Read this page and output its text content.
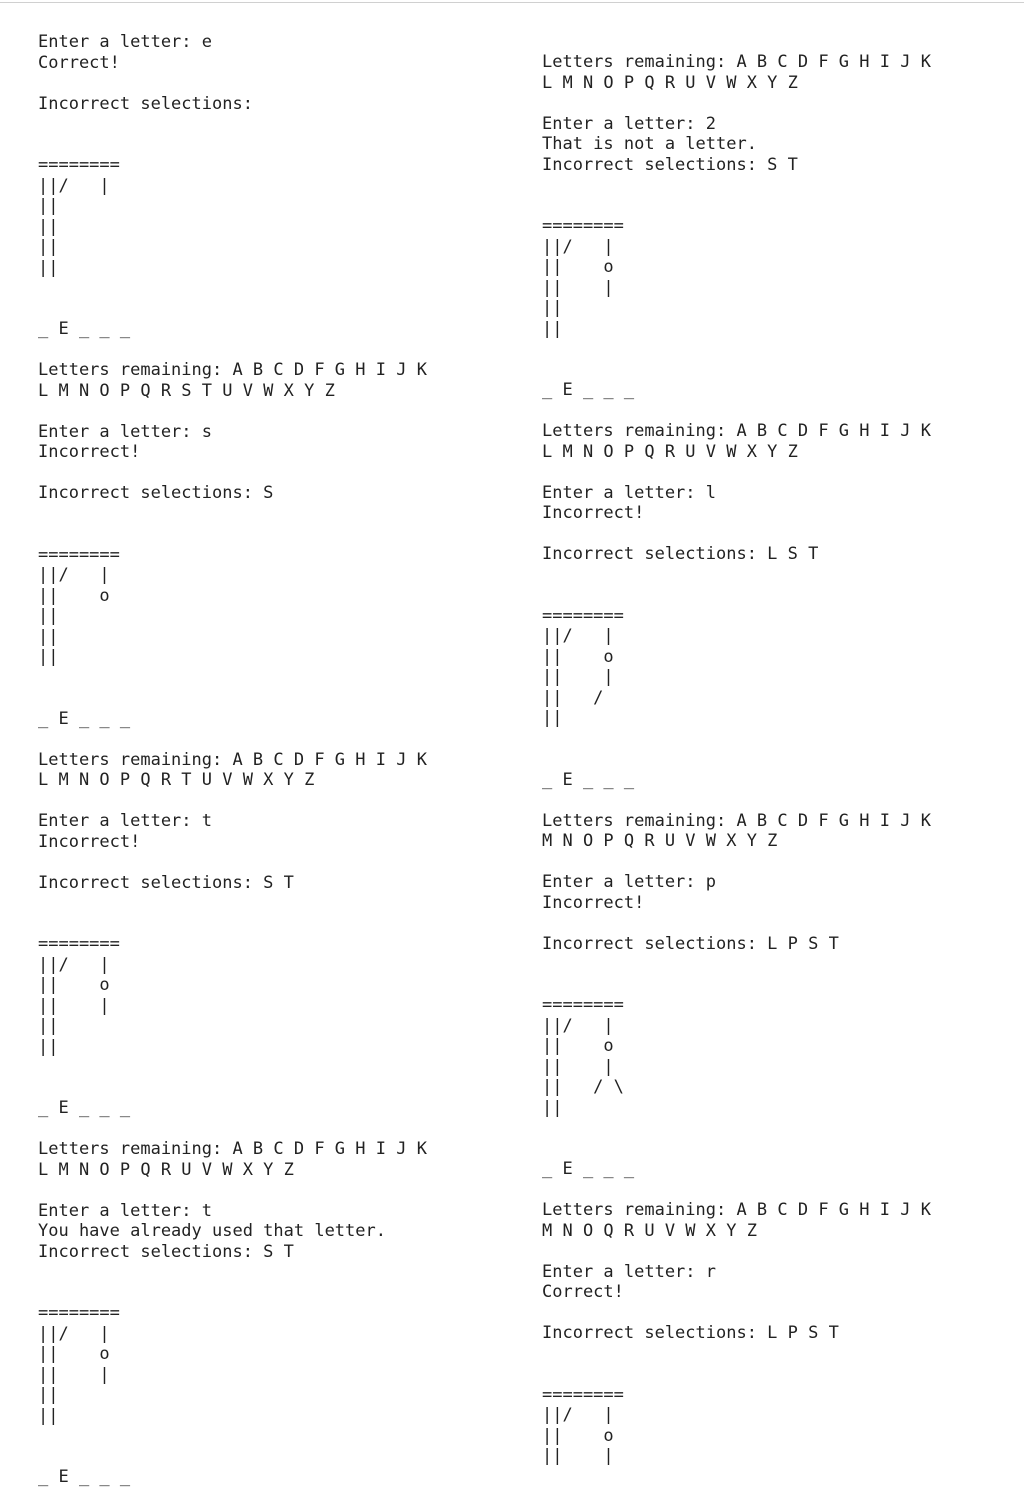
Enter a letter: e
Correct!

Incorrect selections:

========
||/   |
||
||
||
||

_ E _ _ _

Letters remaining: A B C D F G H I J K
L M N O P Q R S T U V W X Y Z

Enter a letter: s
Incorrect!

Incorrect selections: S

========
||/   |
||    o
||
||
||

_ E _ _ _

Letters remaining: A B C D F G H I J K
L M N O P Q R T U V W X Y Z

Enter a letter: t
Incorrect!

Incorrect selections: S T

========
||/   |
||    o
||    |
||
||

_ E _ _ _

Letters remaining: A B C D F G H I J K
L M N O P Q R U V W X Y Z

Enter a letter: t
You have already used that letter.
Incorrect selections: S T

========
||/   |
||    o
||    |
||
||

_ E _ _ _
Letters remaining: A B C D F G H I J K
L M N O P Q R U V W X Y Z

Enter a letter: 2
That is not a letter.
Incorrect selections: S T

========
||/   |
||    o
||    |
||
||

_ E _ _ _

Letters remaining: A B C D F G H I J K
L M N O P Q R U V W X Y Z

Enter a letter: l
Incorrect!

Incorrect selections: L S T

========
||/   |
||    o
||    |
||   /
||

_ E _ _ _

Letters remaining: A B C D F G H I J K
M N O P Q R U V W X Y Z

Enter a letter: p
Incorrect!

Incorrect selections: L P S T

========
||/   |
||    o
||    |
||   / \
||

_ E _ _ _

Letters remaining: A B C D F G H I J K
M N O Q R U V W X Y Z

Enter a letter: r
Correct!

Incorrect selections: L P S T

========
||/   |
||    o
||    |
